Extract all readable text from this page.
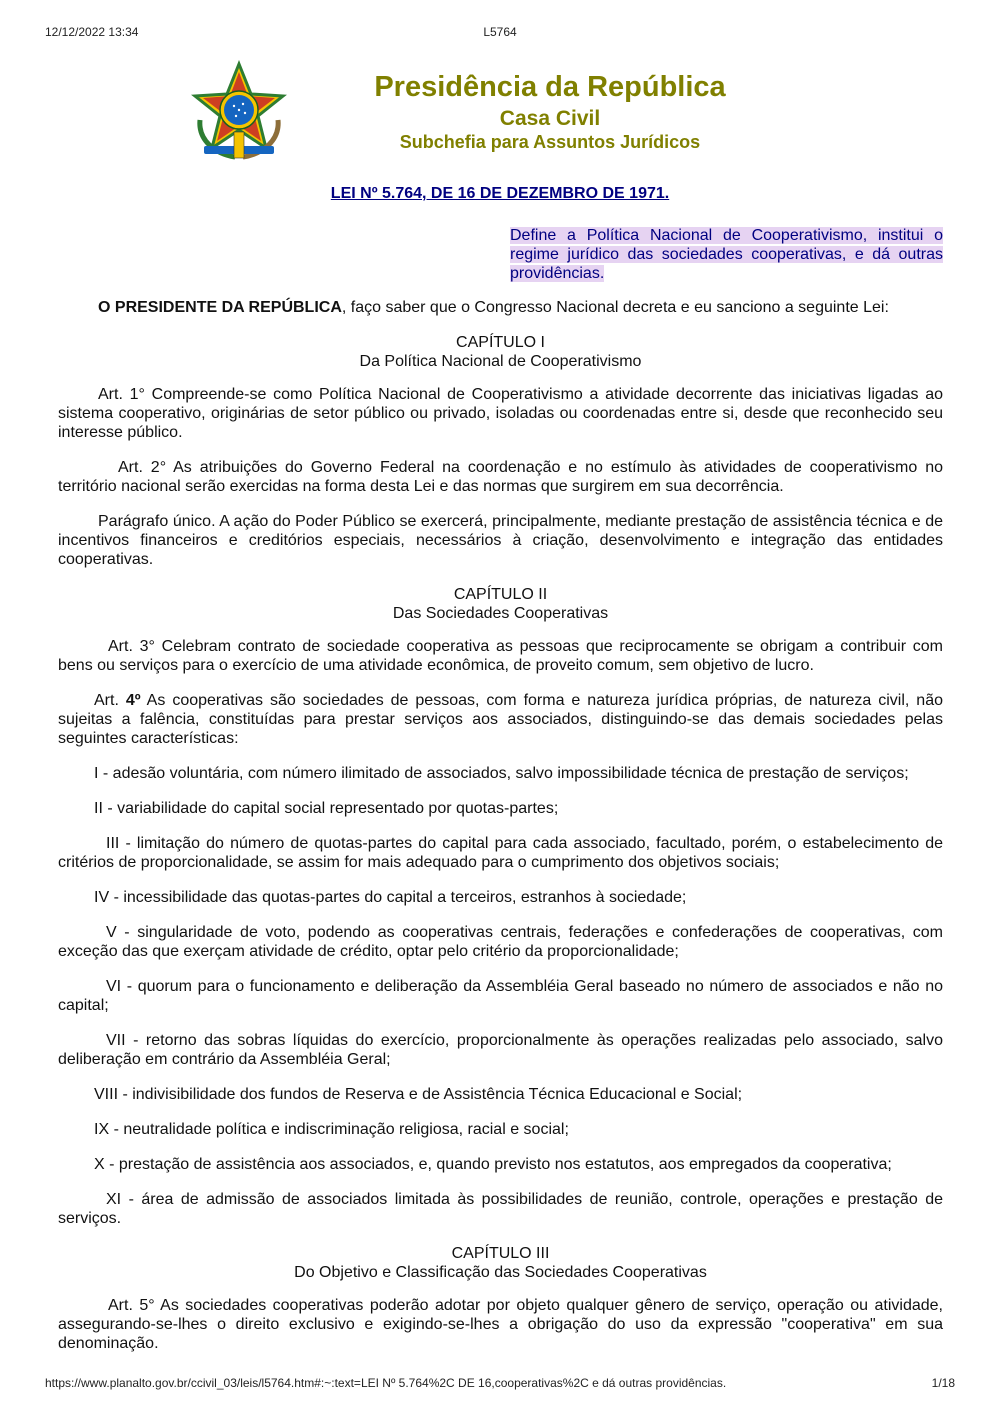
12/12/2022 13:34	L5764
Presidência da República
Casa Civil
Subchefia para Assuntos Jurídicos
LEI Nº 5.764, DE 16 DE DEZEMBRO DE 1971.
Define a Política Nacional de Cooperativismo, institui o regime jurídico das sociedades cooperativas, e dá outras providências.

O PRESIDENTE DA REPÚBLICA, faço saber que o Congresso Nacional decreta e eu sanciono a seguinte Lei:

CAPÍTULO I
Da Política Nacional de Cooperativismo

Art. 1° Compreende-se como Política Nacional de Cooperativismo a atividade decorrente das iniciativas ligadas ao sistema cooperativo, originárias de setor público ou privado, isoladas ou coordenadas entre si, desde que reconhecido seu interesse público.

Art. 2° As atribuições do Governo Federal na coordenação e no estímulo às atividades de cooperativismo no território nacional serão exercidas na forma desta Lei e das normas que surgirem em sua decorrência.

Parágrafo único. A ação do Poder Público se exercerá, principalmente, mediante prestação de assistência técnica e de incentivos financeiros e creditórios especiais, necessários à criação, desenvolvimento e integração das entidades cooperativas.

CAPÍTULO II
Das Sociedades Cooperativas

Art. 3° Celebram contrato de sociedade cooperativa as pessoas que reciprocamente se obrigam a contribuir com bens ou serviços para o exercício de uma atividade econômica, de proveito comum, sem objetivo de lucro.

Art. 4º As cooperativas são sociedades de pessoas, com forma e natureza jurídica próprias, de natureza civil, não sujeitas a falência, constituídas para prestar serviços aos associados, distinguindo-se das demais sociedades pelas seguintes características:

I - adesão voluntária, com número ilimitado de associados, salvo impossibilidade técnica de prestação de serviços;

II - variabilidade do capital social representado por quotas-partes;

III - limitação do número de quotas-partes do capital para cada associado, facultado, porém, o estabelecimento de critérios de proporcionalidade, se assim for mais adequado para o cumprimento dos objetivos sociais;

IV - incessibilidade das quotas-partes do capital a terceiros, estranhos à sociedade;

V - singularidade de voto, podendo as cooperativas centrais, federações e confederações de cooperativas, com exceção das que exerçam atividade de crédito, optar pelo critério da proporcionalidade;

VI - quorum para o funcionamento e deliberação da Assembléia Geral baseado no número de associados e não no capital;

VII - retorno das sobras líquidas do exercício, proporcionalmente às operações realizadas pelo associado, salvo deliberação em contrário da Assembléia Geral;

VIII - indivisibilidade dos fundos de Reserva e de Assistência Técnica Educacional e Social;

IX - neutralidade política e indiscriminação religiosa, racial e social;

X - prestação de assistência aos associados, e, quando previsto nos estatutos, aos empregados da cooperativa;

XI - área de admissão de associados limitada às possibilidades de reunião, controle, operações e prestação de serviços.

CAPÍTULO III
Do Objetivo e Classificação das Sociedades Cooperativas

Art. 5° As sociedades cooperativas poderão adotar por objeto qualquer gênero de serviço, operação ou atividade, assegurando-se-lhes o direito exclusivo e exigindo-se-lhes a obrigação do uso da expressão "cooperativa" em sua denominação.

https://www.planalto.gov.br/ccivil_03/leis/l5764.htm#:~:text=LEI Nº 5.764%2C DE 16,cooperativas%2C e dá outras providências.	1/18
